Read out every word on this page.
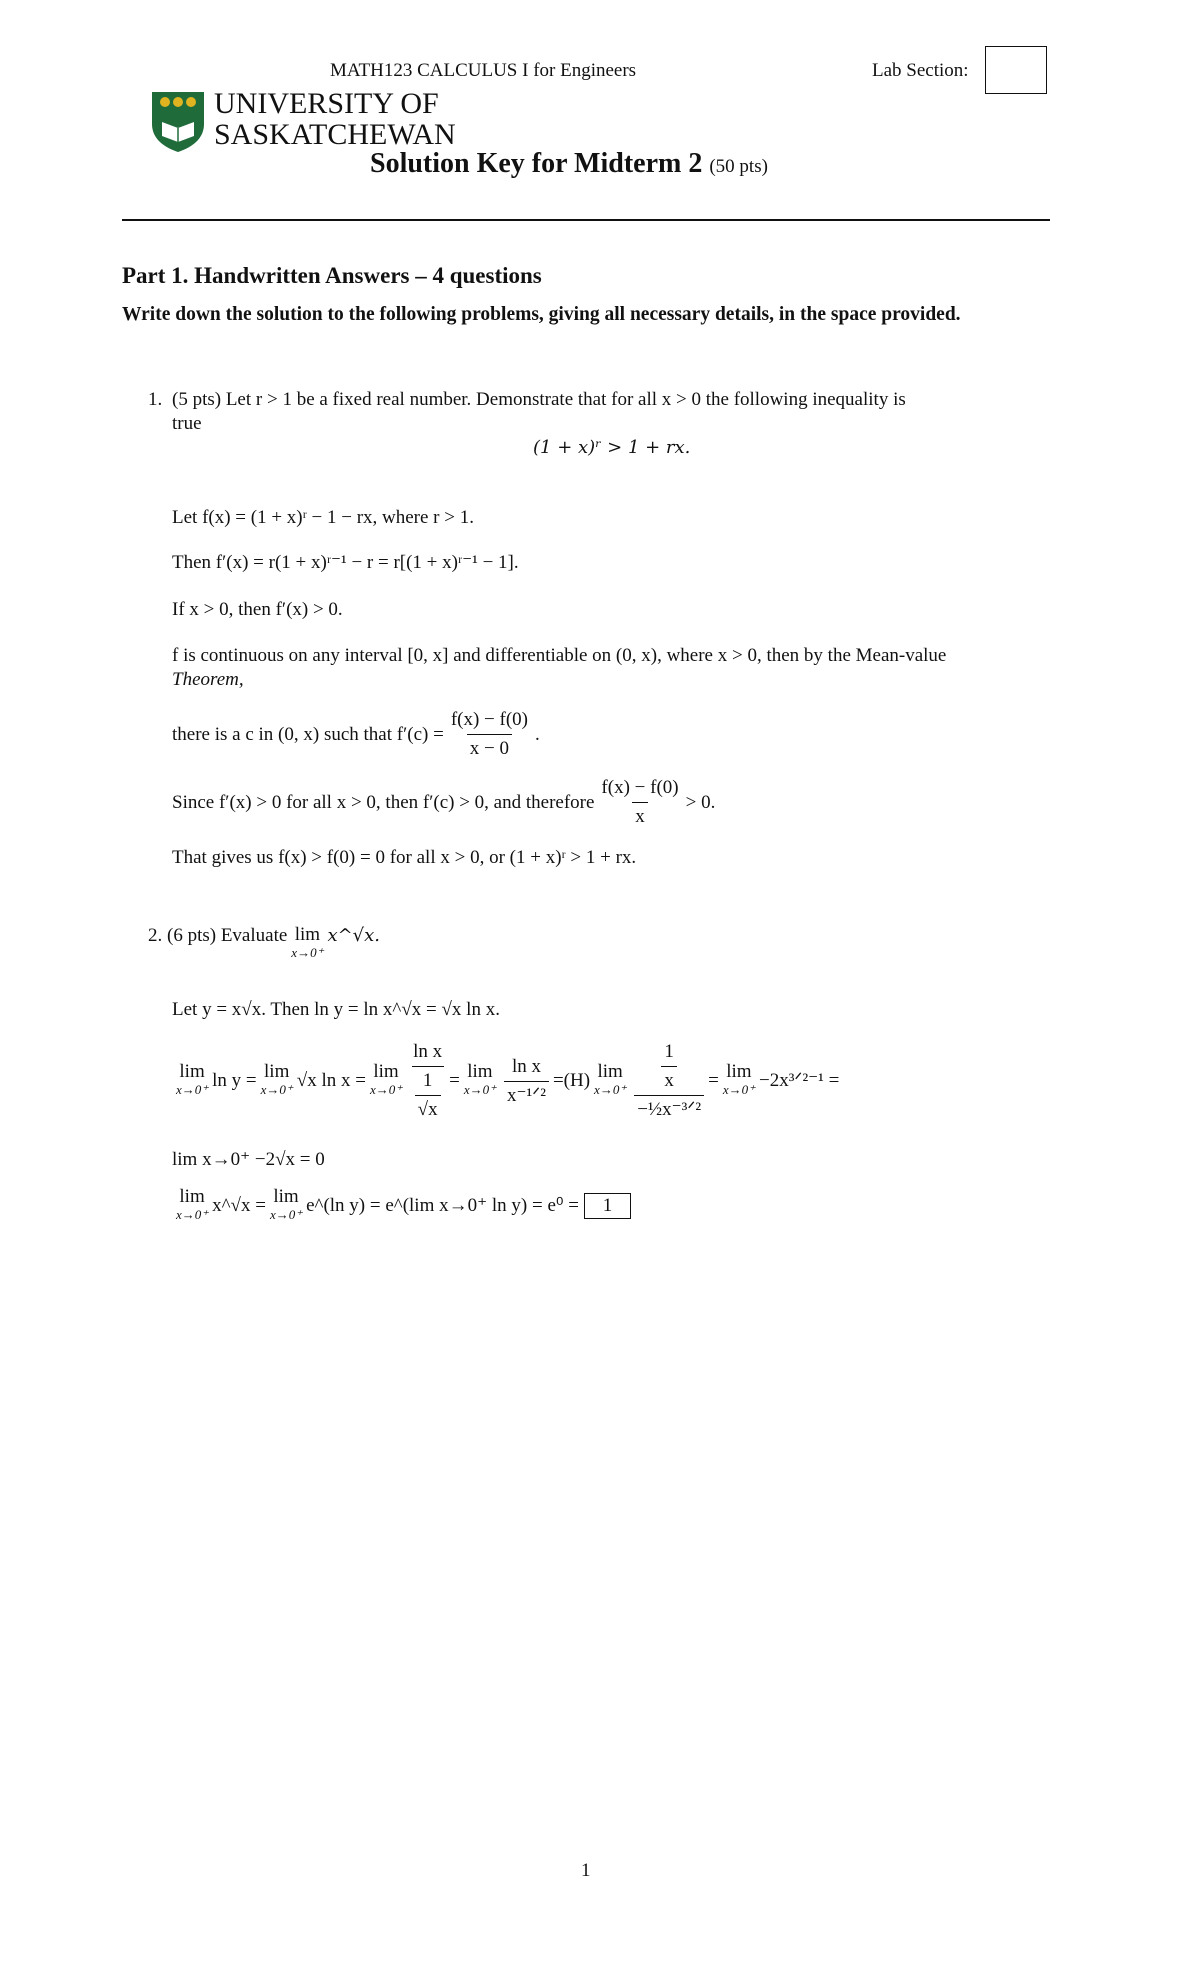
MATH123 CALCULUS I for Engineers	Lab Section:
UNIVERSITY OF
SASKATCHEWAN
Solution Key for Midterm 2 (50 pts)
Part 1. Handwritten Answers – 4 questions
Write down the solution to the following problems, giving all necessary details, in the space provided.
1. (5 pts) Let r > 1 be a fixed real number. Demonstrate that for all x > 0 the following inequality is
true
(1 + x)ʳ > 1 + rx.
Let f(x) = (1 + x)ʳ − 1 − rx, where r > 1.
Then f′(x) = r(1 + x)ʳ⁻¹ − r = r[(1 + x)ʳ⁻¹ − 1].
If x > 0, then f′(x) > 0.
f is continuous on any interval [0, x] and differentiable on (0, x), where x > 0, then by the Mean-value
Theorem,
there is a c in (0, x) such that $f'(c) = \frac{f(x) - f(0)}{x - 0}$ .
Since f′(x) > 0 for all x > 0, then f′(c) > 0, and therefore $\frac{f(x) - f(0)}{x} > 0$.
That gives us f(x) > f(0) = 0 for all x > 0, or (1 + x)ʳ > 1 + rx.
2.
(6 pts) Evaluate lim
x→0⁺
x^√x.
Let y = x√x. Then ln y = ln x^√x = √x ln x.
lim
x→0⁺ ln y = lim
x→0⁺ √x ln x = lim
$x\to 0^+ \frac{\text{ln x}}{\frac{1}{√x}} = \lim$
$x\to 0^+ \frac{\text{ln x}}{\text{x⁻¹ᐟ²}} =(H)$ lim
$x\to 0^+ \frac{\frac{1}{x}}{\text{−½x⁻³ᐟ²}} = \lim$
x→0⁺ −2x³ᐟ²⁻¹ =
lim x→0⁺ −2√x = 0
lim
x→0⁺ x^√x = lim
x→0⁺ e^(ln y) = e^(lim x→0⁺ ln y) = e⁰ =
	1
1
